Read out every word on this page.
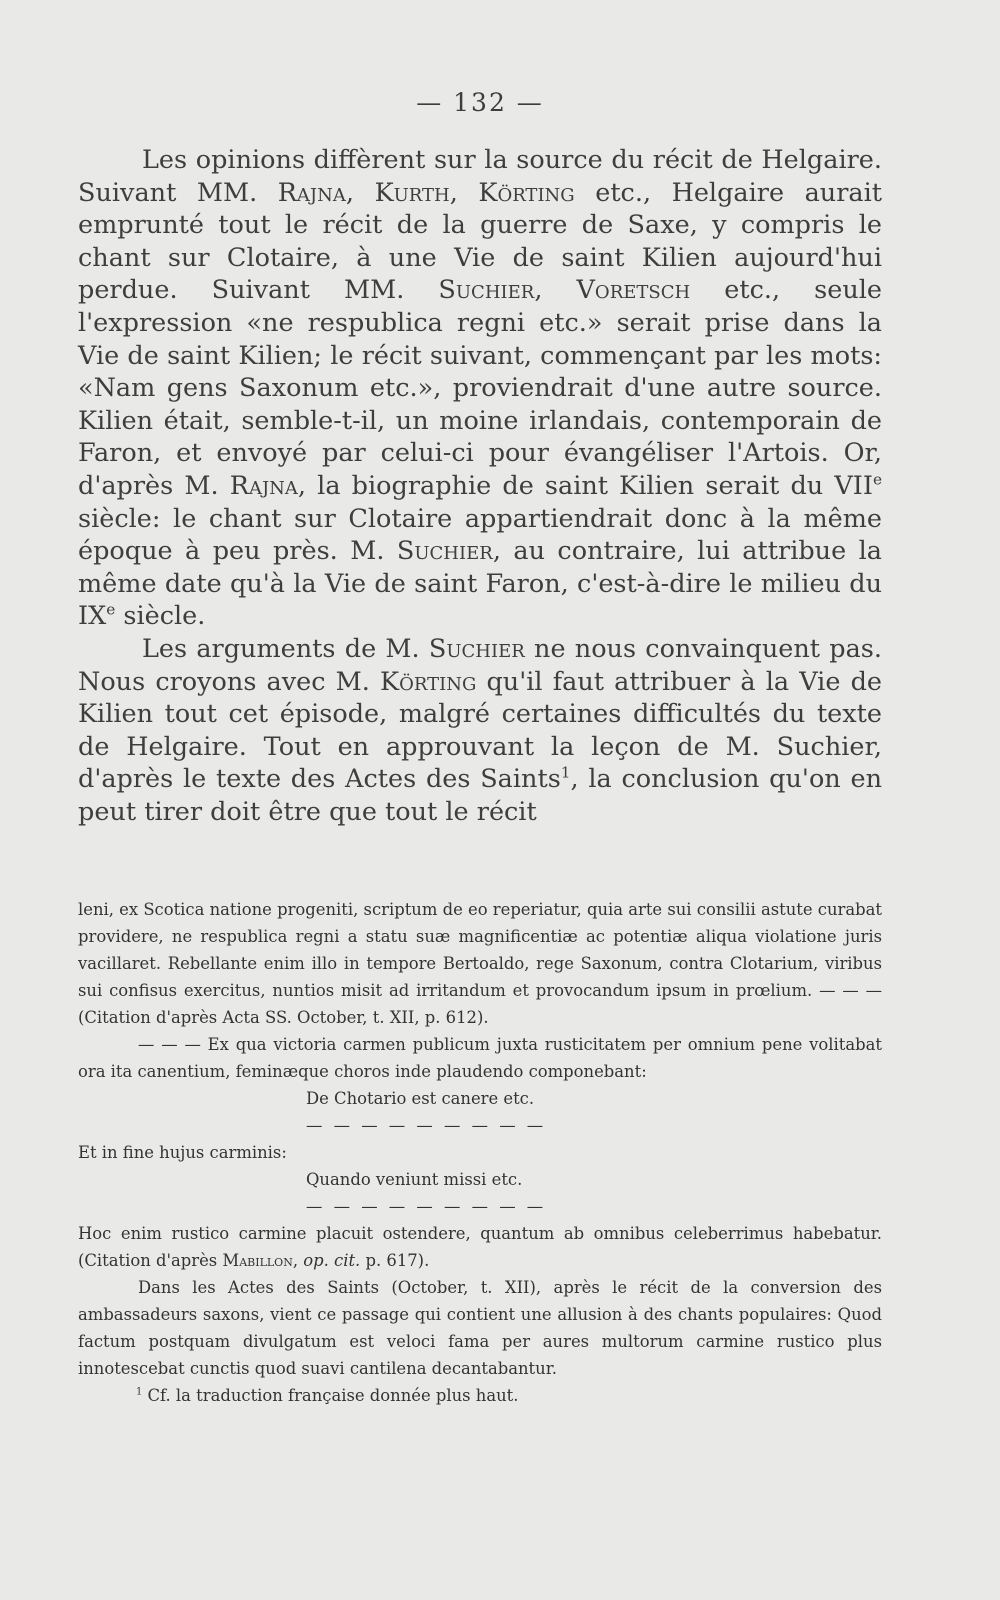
— 132 —

Les opinions diffèrent sur la source du récit de Helgaire. Suivant MM. Rajna, Kurth, Körting etc., Helgaire aurait emprunté tout le récit de la guerre de Saxe, y compris le chant sur Clotaire, à une Vie de saint Kilien aujourd'hui perdue. Suivant MM. Suchier, Voretsch etc., seule l'expression «ne respublica regni etc.» serait prise dans la Vie de saint Kilien; le récit suivant, commençant par les mots: «Nam gens Saxonum etc.», proviendrait d'une autre source. Kilien était, semble-t-il, un moine irlandais, contemporain de Faron, et envoyé par celui-ci pour évangéliser l'Artois. Or, d'après M. Rajna, la biographie de saint Kilien serait du VIIe siècle: le chant sur Clotaire appartiendrait donc à la même époque à peu près. M. Suchier, au contraire, lui attribue la même date qu'à la Vie de saint Faron, c'est-à-dire le milieu du IXe siècle.

Les arguments de M. Suchier ne nous convainquent pas. Nous croyons avec M. Körting qu'il faut attribuer à la Vie de Kilien tout cet épisode, malgré certaines difficultés du texte de Helgaire. Tout en approuvant la leçon de M. Suchier, d'après le texte des Actes des Saints$^1$, la conclusion qu'on en peut tirer doit être que tout le récit

leni, ex Scotica natione progeniti, scriptum de eo reperiatur, quia arte sui consilii astute curabat providere, ne respublica regni a statu suæ magnificentiæ ac potentiæ aliqua violatione juris vacillaret. Rebellante enim illo in tempore Bertoaldo, rege Saxonum, contra Clotarium, viribus sui confisus exercitus, nuntios misit ad irritandum et provocandum ipsum in prœlium. — — — (Citation d'après Acta SS. October, t. XII, p. 612).

— — — Ex qua victoria carmen publicum juxta rusticitatem per omnium pene volitabat ora ita canentium, feminæque choros inde plaudendo componebant:

De Chotario est canere etc.

— — — — — — — — —

Et in fine hujus carminis:

Quando veniunt missi etc.

— — — — — — — — —

Hoc enim rustico carmine placuit ostendere, quantum ab omnibus celeberrimus habebatur. (Citation d'après Mabillon, op. cit. p. 617).

Dans les Actes des Saints (October, t. XII), après le récit de la conversion des ambassadeurs saxons, vient ce passage qui contient une allusion à des chants populaires: Quod factum postquam divulgatum est veloci fama per aures multorum carmine rustico plus innotescebat cunctis quod suavi cantilena decantabantur.

$^1$ Cf. la traduction française donnée plus haut.
